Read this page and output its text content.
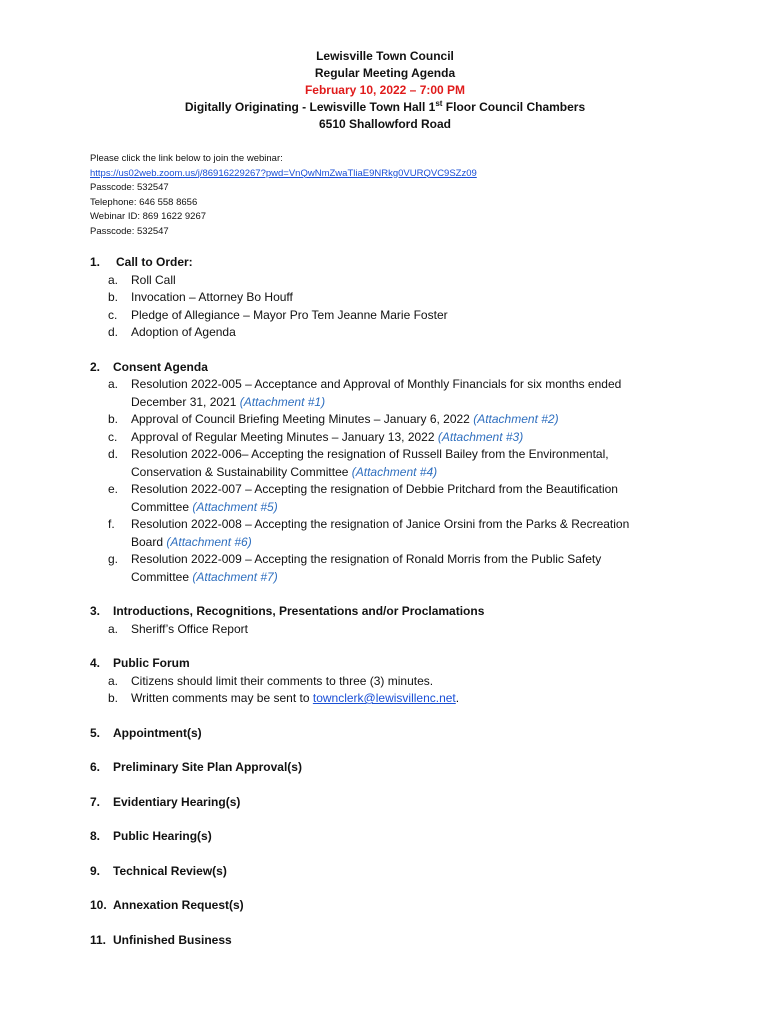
Lewisville Town Council
Regular Meeting Agenda
February 10, 2022 – 7:00 PM
Digitally Originating - Lewisville Town Hall 1st Floor Council Chambers
6510 Shallowford Road
Please click the link below to join the webinar:
https://us02web.zoom.us/j/86916229267?pwd=VnQwNmZwaTliaE9NRkg0VURQVC9SZz09
Passcode: 532547
Telephone: 646 558 8656
Webinar ID: 869 1622 9267
Passcode: 532547
1.	Call to Order:
a.	Roll Call
b.	Invocation – Attorney Bo Houff
c.	Pledge of Allegiance – Mayor Pro Tem Jeanne Marie Foster
d.	Adoption of Agenda
2.	Consent Agenda
a.	Resolution 2022-005 – Acceptance and Approval of Monthly Financials for six months ended
December 31, 2021 (Attachment #1)
b.	Approval of Council Briefing Meeting Minutes – January 6, 2022 (Attachment #2)
c.	Approval of Regular Meeting Minutes – January 13, 2022 (Attachment #3)
d.	Resolution 2022-006– Accepting the resignation of Russell Bailey from the Environmental,
Conservation & Sustainability Committee (Attachment #4)
e.	Resolution 2022-007 – Accepting the resignation of Debbie Pritchard from the Beautification
Committee (Attachment #5)
f.	Resolution 2022-008 – Accepting the resignation of Janice Orsini from the Parks & Recreation
Board (Attachment #6)
g.	Resolution 2022-009 – Accepting the resignation of Ronald Morris from the Public Safety
Committee (Attachment #7)
3.	Introductions, Recognitions, Presentations and/or Proclamations
a.	Sheriff’s Office Report
4.	Public Forum
a.	Citizens should limit their comments to three (3) minutes.
b.	Written comments may be sent to townclerk@lewisvillenc.net.
5.	Appointment(s)
6.	Preliminary Site Plan Approval(s)
7.	Evidentiary Hearing(s)
8.	Public Hearing(s)
9.	Technical Review(s)
10. Annexation Request(s)
11. Unfinished Business
